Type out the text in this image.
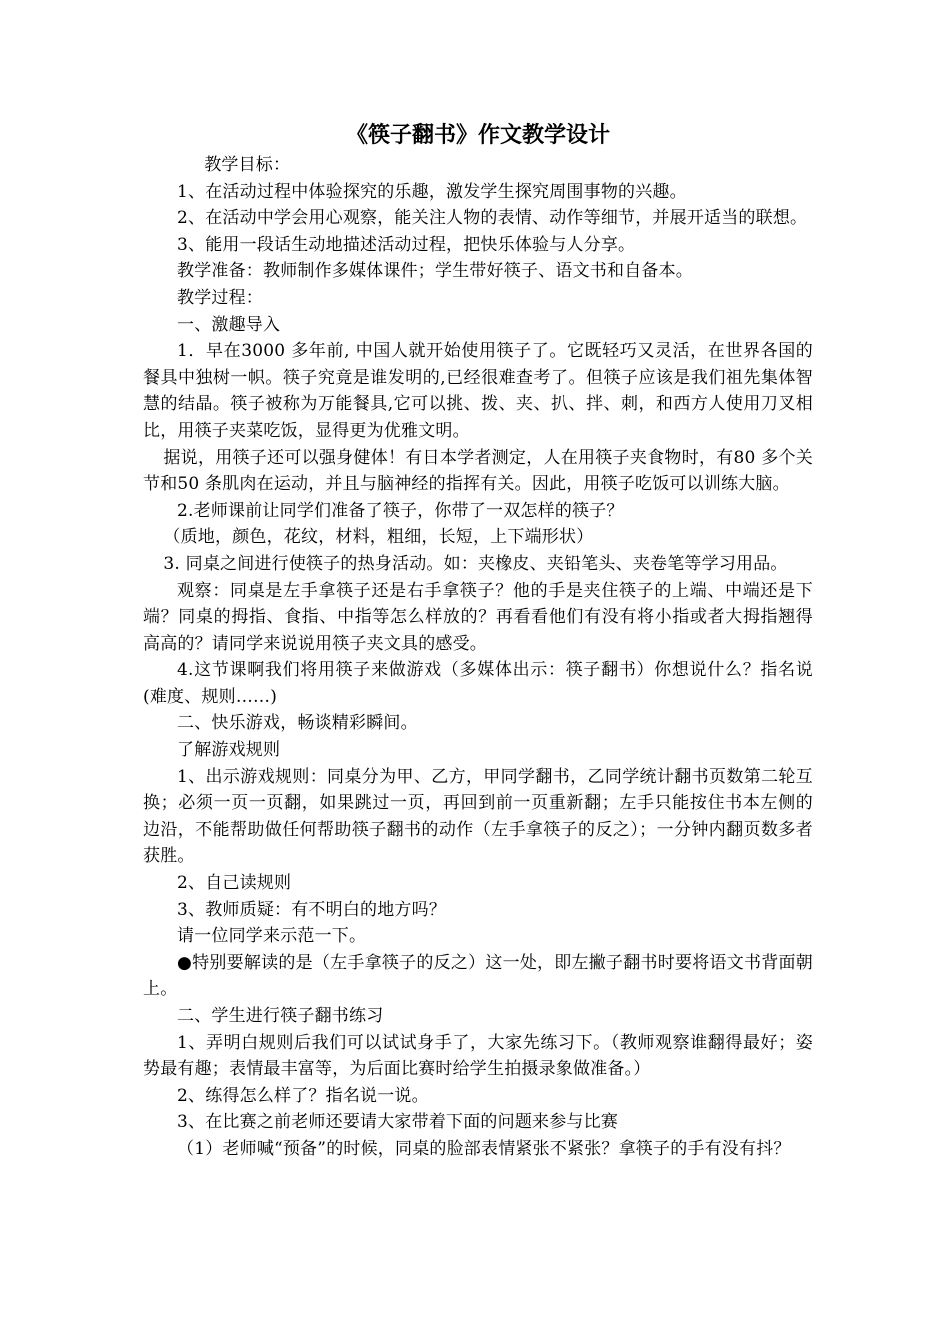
《筷子翻书》作文教学设计

教学目标：

1、在活动过程中体验探究的乐趣，激发学生探究周围事物的兴趣。

2、在活动中学会用心观察，能关注人物的表情、动作等细节，并展开适当的联想。

3、能用一段话生动地描述活动过程，把快乐体验与人分享。

教学准备：教师制作多媒体课件；学生带好筷子、语文书和自备本。

教学过程：

一、激趣导入

1．早在3000 多年前, 中国人就开始使用筷子了。它既轻巧又灵活，在世界各国的餐具中独树一帜。筷子究竟是谁发明的,已经很难查考了。但筷子应该是我们祖先集体智慧的结晶。筷子被称为万能餐具,它可以挑、拨、夹、扒、拌、刺，和西方人使用刀叉相比，用筷子夹菜吃饭，显得更为优雅文明。

据说，用筷子还可以强身健体！有日本学者测定，人在用筷子夹食物时，有80 多个关节和50 条肌肉在运动，并且与脑神经的指挥有关。因此，用筷子吃饭可以训练大脑。

2.老师课前让同学们准备了筷子，你带了一双怎样的筷子？

（质地，颜色，花纹，材料，粗细，长短，上下端形状）

3. 同桌之间进行使筷子的热身活动。如：夹橡皮、夹铅笔头、夹卷笔等学习用品。

观察：同桌是左手拿筷子还是右手拿筷子？他的手是夹住筷子的上端、中端还是下端？同桌的拇指、食指、中指等怎么样放的？再看看他们有没有将小指或者大拇指翘得高高的？请同学来说说用筷子夹文具的感受。

4.这节课啊我们将用筷子来做游戏（多媒体出示：筷子翻书）你想说什么？指名说(难度、规则……)

二、快乐游戏，畅谈精彩瞬间。

了解游戏规则

1、出示游戏规则：同桌分为甲、乙方，甲同学翻书，乙同学统计翻书页数第二轮互换；必须一页一页翻，如果跳过一页，再回到前一页重新翻；左手只能按住书本左侧的边沿，不能帮助做任何帮助筷子翻书的动作（左手拿筷子的反之）；一分钟内翻页数多者获胜。

2、自己读规则

3、教师质疑：有不明白的地方吗？

请一位同学来示范一下。

●特别要解读的是（左手拿筷子的反之）这一处，即左撇子翻书时要将语文书背面朝上。

二、学生进行筷子翻书练习

1、弄明白规则后我们可以试试身手了，大家先练习下。（教师观察谁翻得最好；姿势最有趣；表情最丰富等，为后面比赛时给学生拍摄录象做准备。）

2、练得怎么样了？指名说一说。

3、在比赛之前老师还要请大家带着下面的问题来参与比赛

（1）老师喊“预备”的时候，同桌的脸部表情紧张不紧张？拿筷子的手有没有抖？
